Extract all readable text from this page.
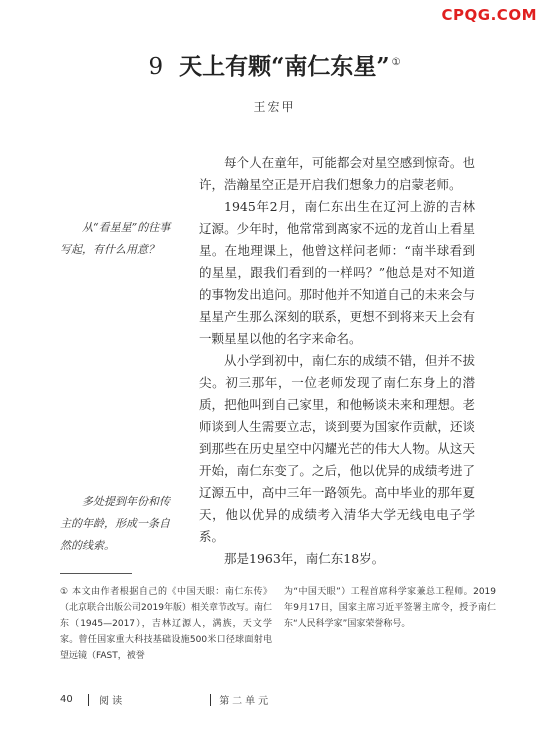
CPQG.COM
9 天上有颗“南仁东星” ①
王宏甲

每个人在童年，可能都会对星空感到惊奇。也许，浩瀚星空正是开启我们想象力的启蒙老师。

1945年2月，南仁东出生在辽河上游的吉林辽源。少年时，他常常到离家不远的龙首山上看星星。在地理课上，他曾这样问老师：“南半球看到的星星，跟我们看到的一样吗？”他总是对不知道的事物发出追问。那时他并不知道自己的未来会与星星产生那么深刻的联系，更想不到将来天上会有一颗星星以他的名字来命名。

从小学到初中，南仁东的成绩不错，但并不拔尖。初三那年，一位老师发现了南仁东身上的潜质，把他叫到自己家里，和他畅谈未来和理想。老师谈到人生需要立志，谈到要为国家作贡献，还谈到那些在历史星空中闪耀光芒的伟大人物。从这天开始，南仁东变了。之后，他以优异的成绩考进了辽源五中，高中三年一路领先。高中毕业的那年夏天，他以优异的成绩考入清华大学无线电电子学系。

那是1963年，南仁东18岁。

从“看星星”的往事写起，有什么用意？
多处提到年份和传主的年龄，形成一条自然的线索。
① 本文由作者根据自己的《中国天眼：南仁东传》（北京联合出版公司2019年版）相关章节改写。南仁东（1945—2017），吉林辽源人，满族，天文学家。曾任国家重大科技基础设施500米口径球面射电望远镜（FAST，被誉
为“中国天眼”）工程首席科学家兼总工程师。2019年9月17日，国家主席习近平签署主席令，授予南仁东“人民科学家”国家荣誉称号。
40	阅 读	第二单元
